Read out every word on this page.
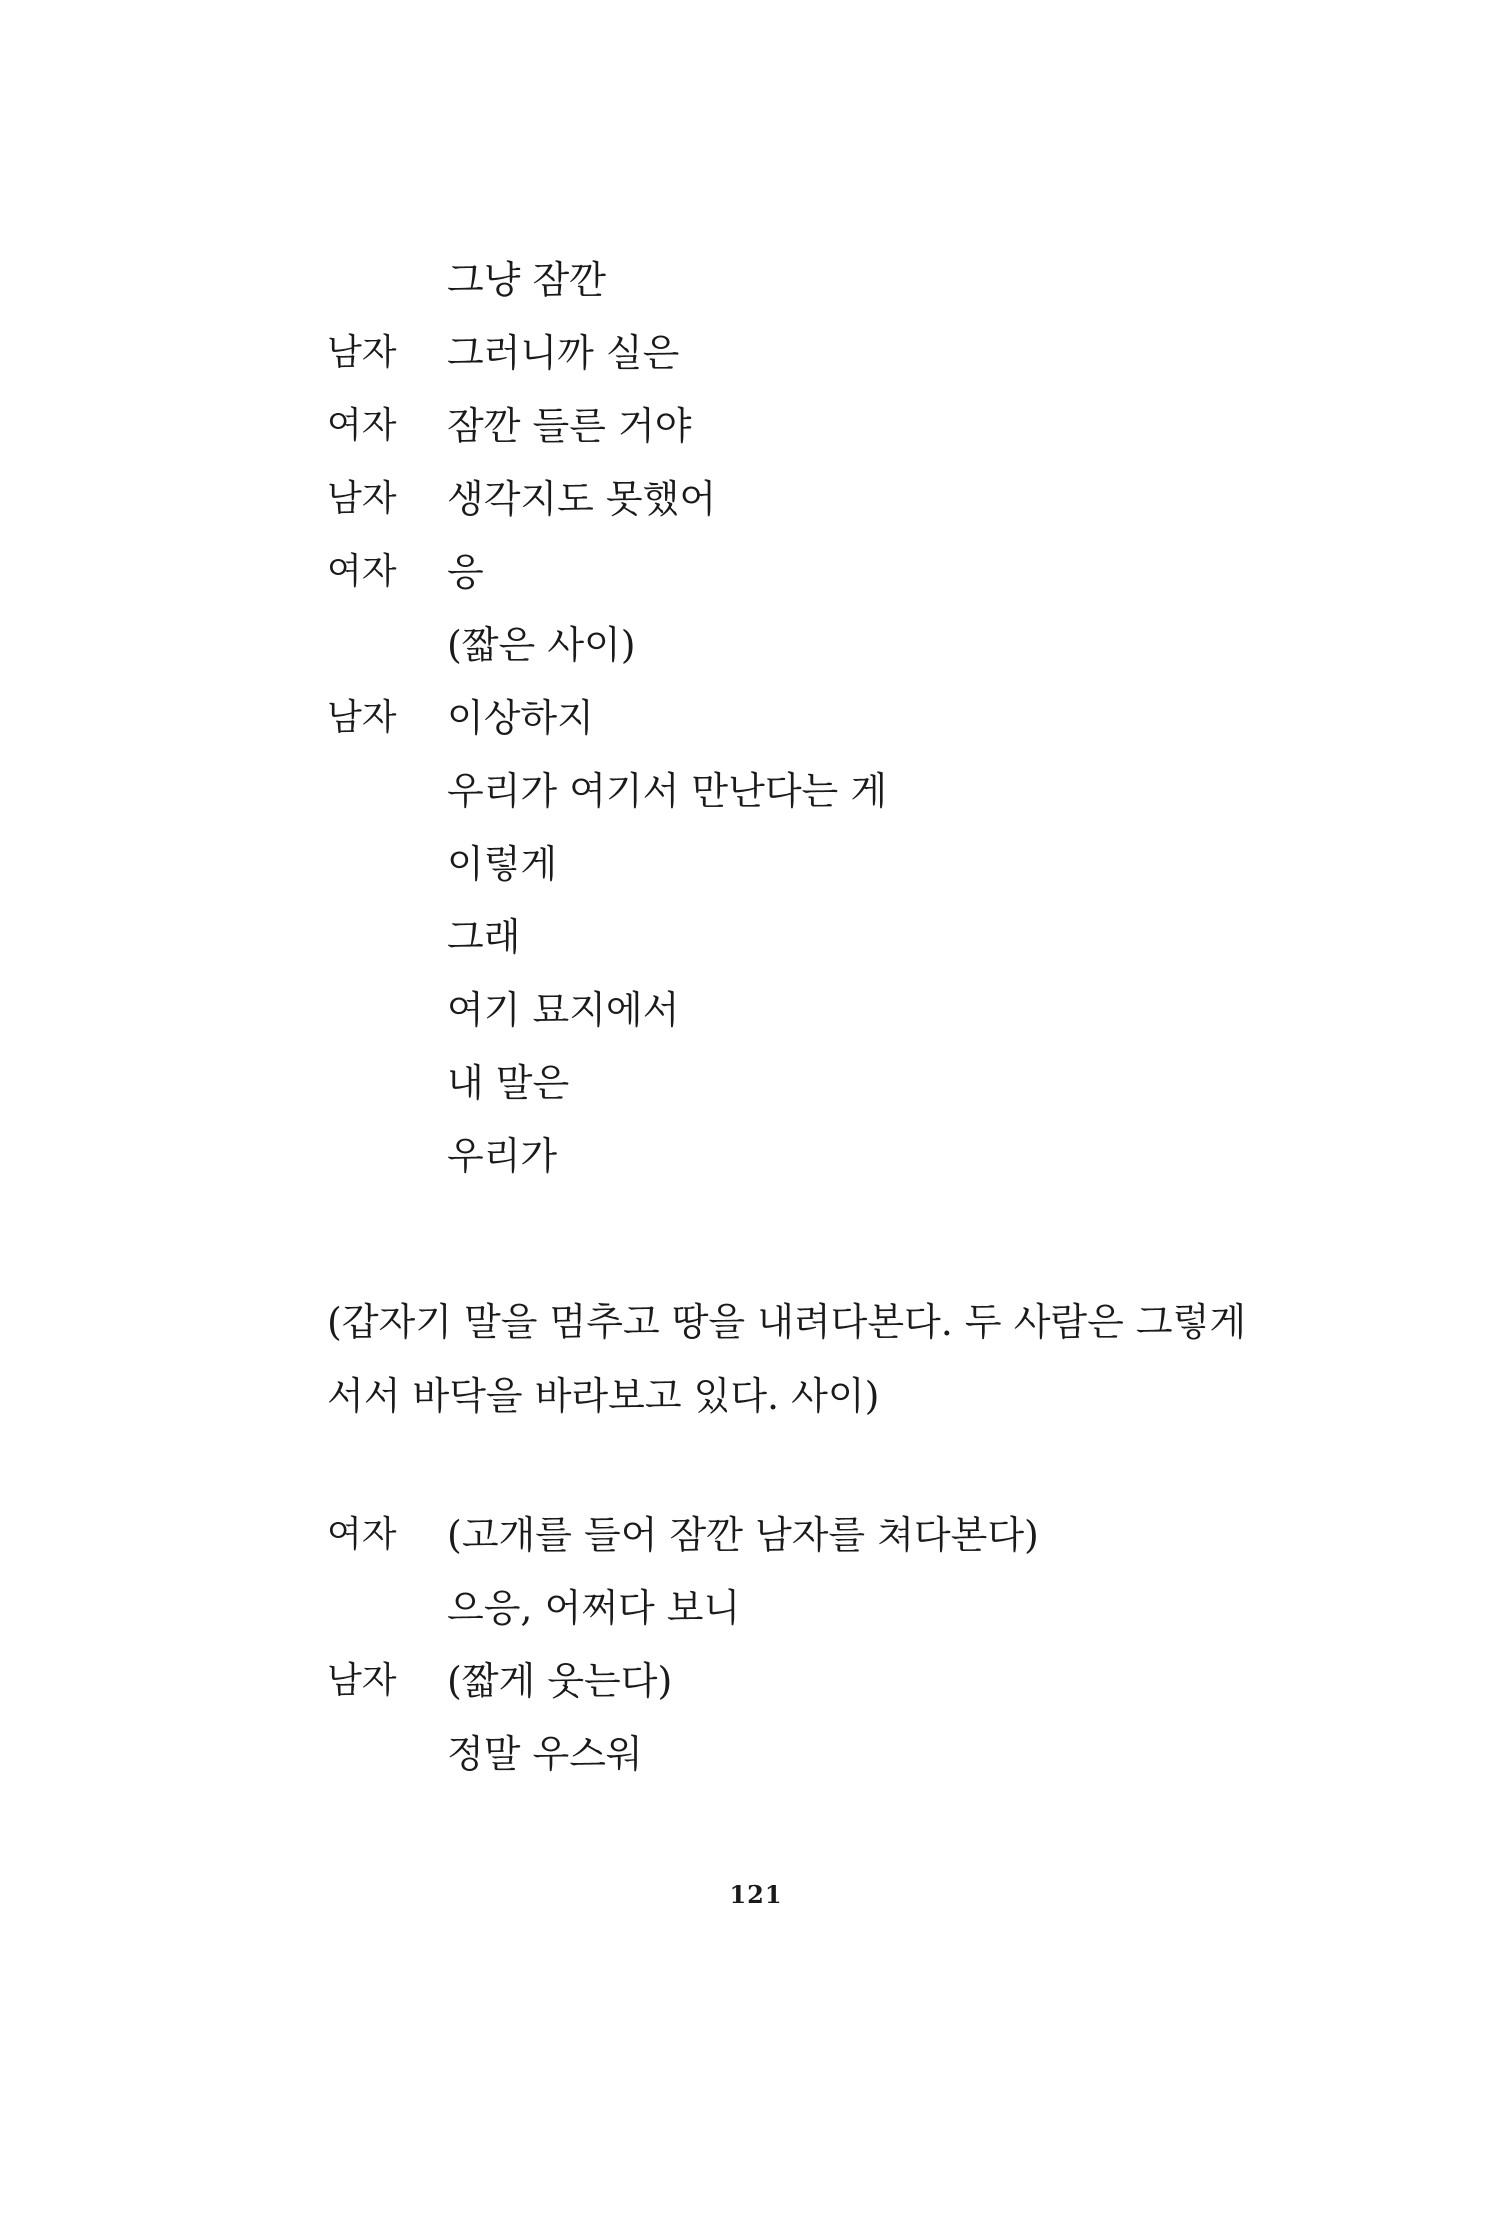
그냥 잠깐
남자 그러니까 실은
여자 잠깐 들른 거야
남자 생각지도 못했어
여자 응
(짧은 사이)
남자 이상하지
우리가 여기서 만난다는 게
이렇게
그래
여기 묘지에서
내 말은
우리가
(갑자기 말을 멈추고 땅을 내려다본다. 두 사람은 그렇게 서서 바닥을 바라보고 있다. 사이)
여자 (고개를 들어 잠깐 남자를 쳐다본다)
으응, 어쩌다 보니
남자 (짧게 웃는다)
정말 우스워
121
